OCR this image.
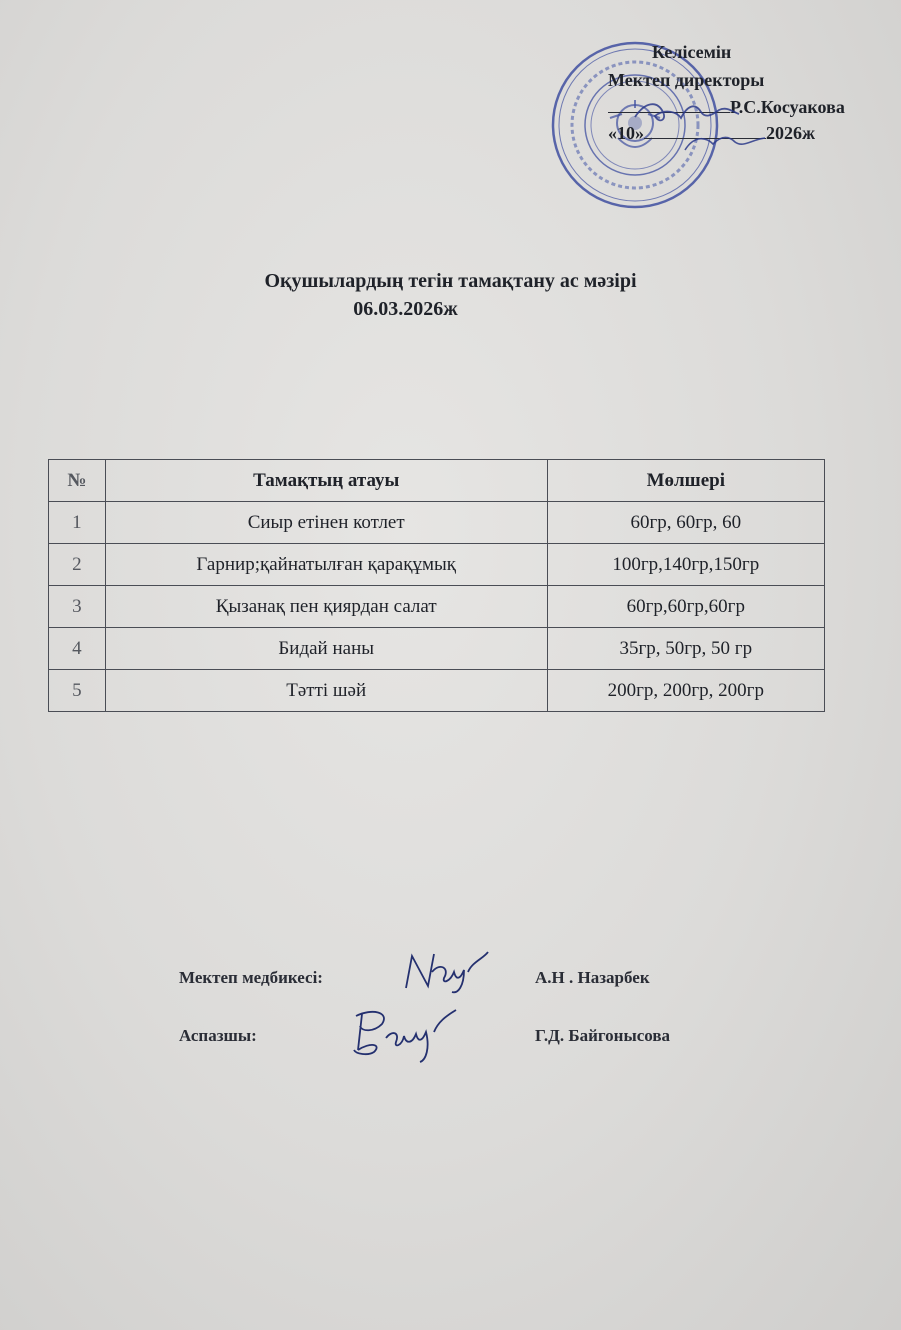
Келісемін
Мектеп директоры
Р.С.Косуакова
«10»	2026ж
Оқушылардың тегін тамақтану ас мәзірі
06.03.2026ж
№	Тамақтың атауы	Мөлшері
1	Сиыр етінен котлет	60гр, 60гр, 60
2	Гарнир;қайнатылған қарақұмық	100гр,140гр,150гр
3	Қызанақ пен қиярдан салат	60гр,60гр,60гр
4	Бидай наны	35гр, 50гр, 50 гр
5	Тәтті шәй	200гр, 200гр, 200гр
Мектеп медбикесі:	А.Н . Назарбек
Аспазшы:	Г.Д. Байгонысова
